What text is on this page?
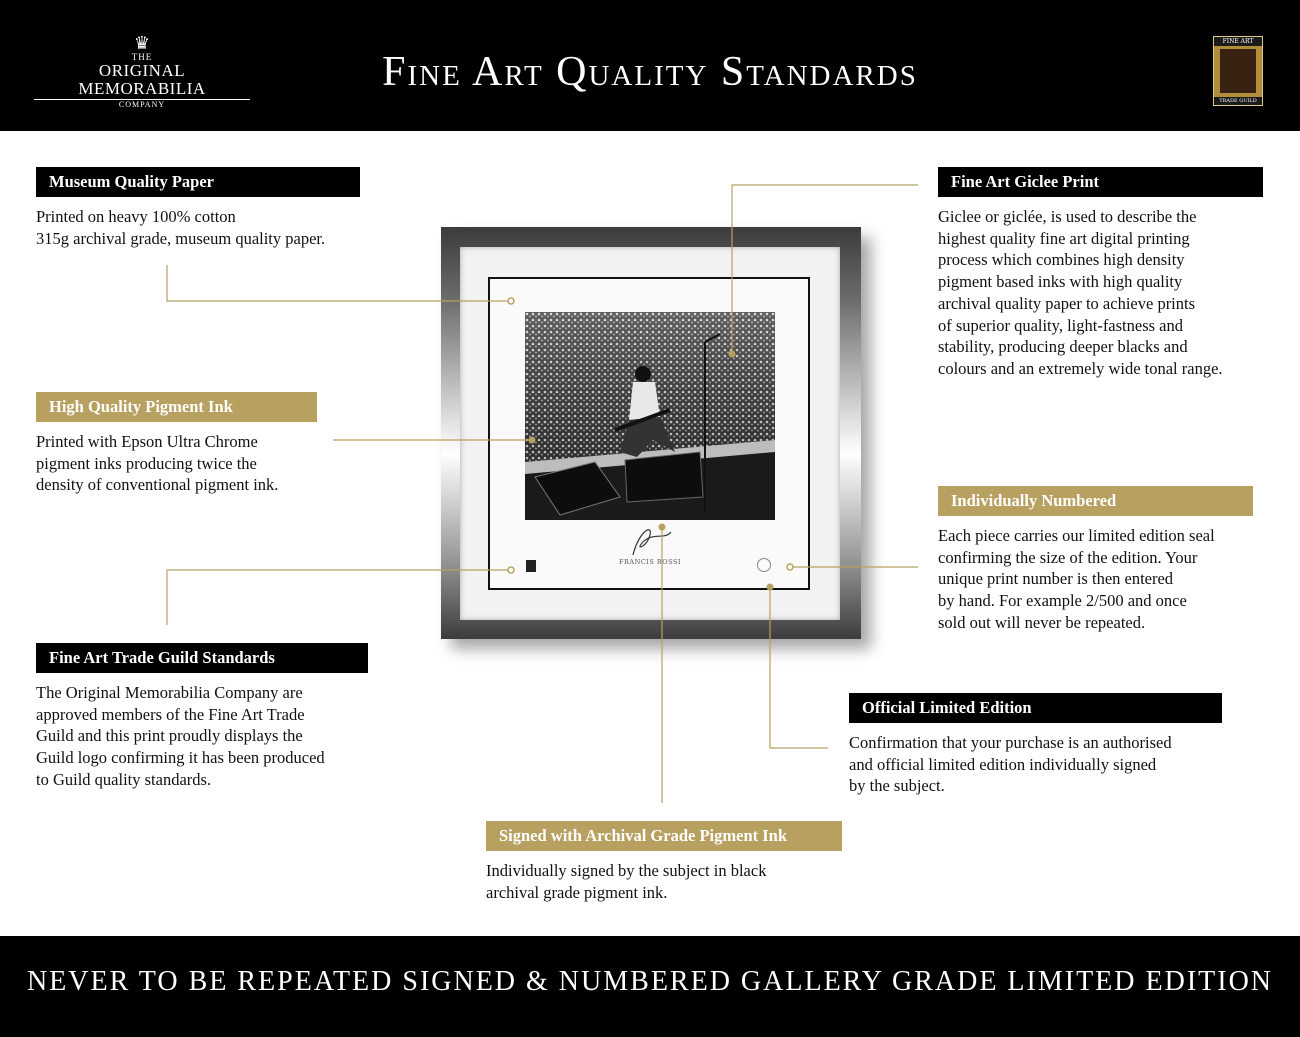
♛
THE
ORIGINAL MEMORABILIA
COMPANY
Fine Art Quality Standards
FINE ART
TRADE GUILD
FRANCIS ROSSI
Museum Quality Paper
Printed on heavy 100% cotton
315g archival grade, museum quality paper.
High Quality Pigment Ink
Printed with Epson Ultra Chrome
pigment inks producing twice the
density of conventional pigment ink.
Fine Art Trade Guild Standards
The Original Memorabilia Company are
approved members of the Fine Art Trade
Guild and this print proudly displays the
Guild logo confirming it has been produced
to Guild quality standards.
Fine Art Giclee Print
Giclee or giclée, is used to describe the
highest quality fine art digital printing
process which combines high density
pigment based inks with high quality
archival quality paper to achieve prints
of superior quality, light-fastness and
stability, producing deeper blacks and
colours and an extremely wide tonal range.
Individually Numbered
Each piece carries our limited edition seal
confirming the size of the edition. Your
unique print number is then entered
by hand. For example 2/500 and once
sold out will never be repeated.
Official Limited Edition
Confirmation that your purchase is an authorised
and official limited edition individually signed
by the subject.
Signed with Archival Grade Pigment Ink
Individually signed by the subject in black
archival grade pigment ink.
NEVER TO BE REPEATED SIGNED & NUMBERED GALLERY GRADE LIMITED EDITION
